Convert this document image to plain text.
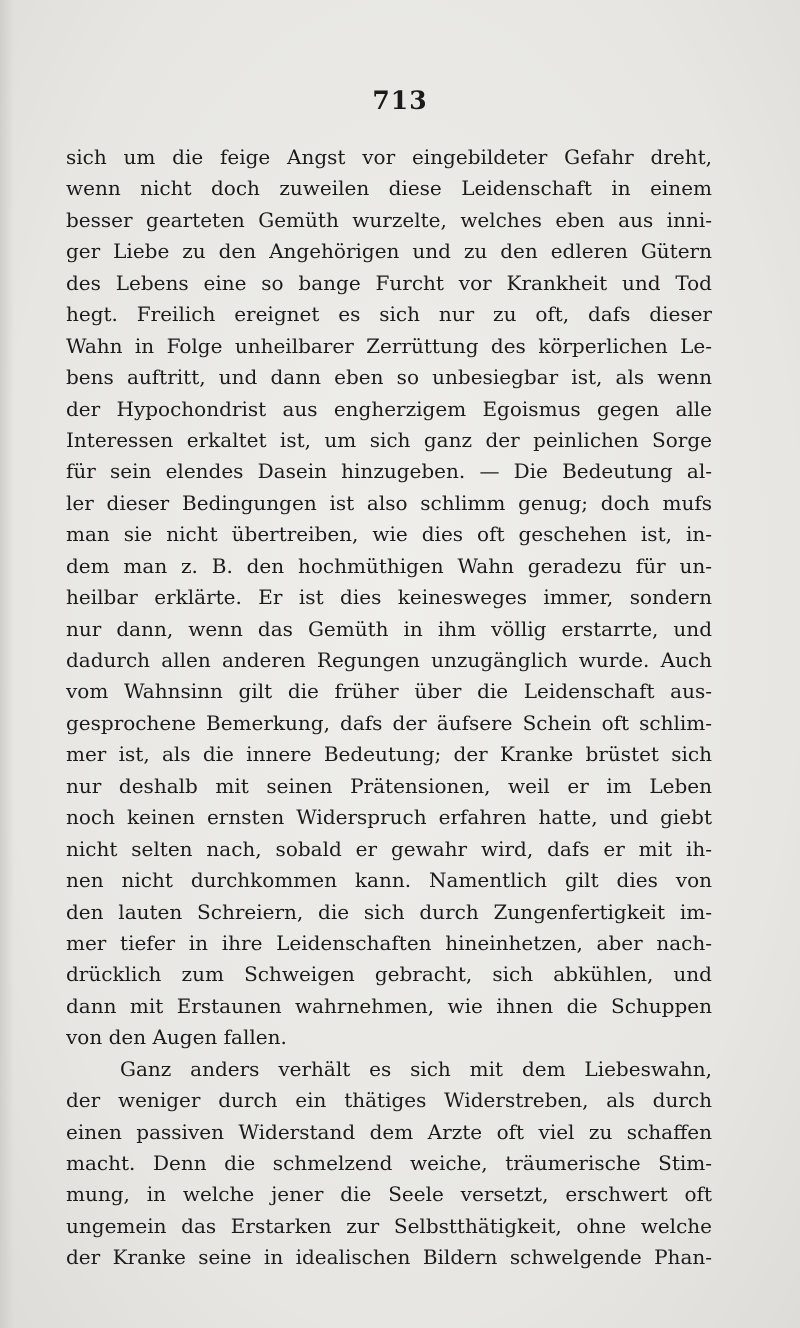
713
sich um die feige Angst vor eingebildeter Gefahr dreht,
wenn nicht doch zuweilen diese Leidenschaft in einem
besser gearteten Gemüth wurzelte, welches eben aus inni-
ger Liebe zu den Angehörigen und zu den edleren Gütern
des Lebens eine so bange Furcht vor Krankheit und Tod
hegt. Freilich ereignet es sich nur zu oft, dafs dieser
Wahn in Folge unheilbarer Zerrüttung des körperlichen Le-
bens auftritt, und dann eben so unbesiegbar ist, als wenn
der Hypochondrist aus engherzigem Egoismus gegen alle
Interessen erkaltet ist, um sich ganz der peinlichen Sorge
für sein elendes Dasein hinzugeben. — Die Bedeutung al-
ler dieser Bedingungen ist also schlimm genug; doch mufs
man sie nicht übertreiben, wie dies oft geschehen ist, in-
dem man z. B. den hochmüthigen Wahn geradezu für un-
heilbar erklärte. Er ist dies keinesweges immer, sondern
nur dann, wenn das Gemüth in ihm völlig erstarrte, und
dadurch allen anderen Regungen unzugänglich wurde. Auch
vom Wahnsinn gilt die früher über die Leidenschaft aus-
gesprochene Bemerkung, dafs der äufsere Schein oft schlim-
mer ist, als die innere Bedeutung; der Kranke brüstet sich
nur deshalb mit seinen Prätensionen, weil er im Leben
noch keinen ernsten Widerspruch erfahren hatte, und giebt
nicht selten nach, sobald er gewahr wird, dafs er mit ih-
nen nicht durchkommen kann. Namentlich gilt dies von
den lauten Schreiern, die sich durch Zungenfertigkeit im-
mer tiefer in ihre Leidenschaften hineinhetzen, aber nach-
drücklich zum Schweigen gebracht, sich abkühlen, und
dann mit Erstaunen wahrnehmen, wie ihnen die Schuppen
von den Augen fallen.
Ganz anders verhält es sich mit dem Liebeswahn,
der weniger durch ein thätiges Widerstreben, als durch
einen passiven Widerstand dem Arzte oft viel zu schaffen
macht. Denn die schmelzend weiche, träumerische Stim-
mung, in welche jener die Seele versetzt, erschwert oft
ungemein das Erstarken zur Selbstthätigkeit, ohne welche
der Kranke seine in idealischen Bildern schwelgende Phan-
